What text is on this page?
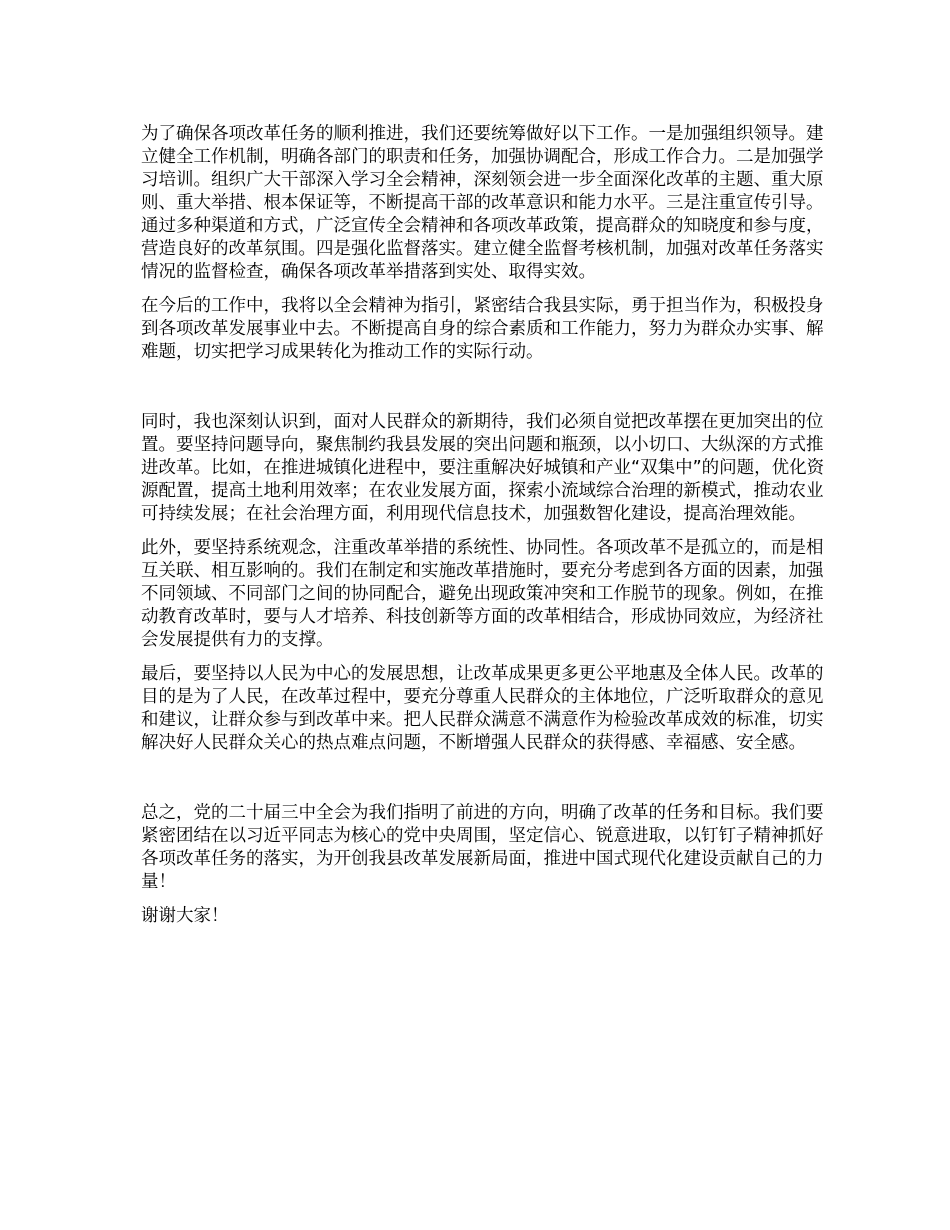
为了确保各项改革任务的顺利推进，我们还要统筹做好以下工作。一是加强组织领导。建立健全工作机制，明确各部门的职责和任务，加强协调配合，形成工作合力。二是加强学习培训。组织广大干部深入学习全会精神，深刻领会进一步全面深化改革的主题、重大原则、重大举措、根本保证等，不断提高干部的改革意识和能力水平。三是注重宣传引导。通过多种渠道和方式，广泛宣传全会精神和各项改革政策，提高群众的知晓度和参与度，营造良好的改革氛围。四是强化监督落实。建立健全监督考核机制，加强对改革任务落实情况的监督检查，确保各项改革举措落到实处、取得实效。

在今后的工作中，我将以全会精神为指引，紧密结合我县实际，勇于担当作为，积极投身到各项改革发展事业中去。不断提高自身的综合素质和工作能力，努力为群众办实事、解难题，切实把学习成果转化为推动工作的实际行动。

同时，我也深刻认识到，面对人民群众的新期待，我们必须自觉把改革摆在更加突出的位置。要坚持问题导向，聚焦制约我县发展的突出问题和瓶颈，以小切口、大纵深的方式推进改革。比如，在推进城镇化进程中，要注重解决好城镇和产业“双集中”的问题，优化资源配置，提高土地利用效率；在农业发展方面，探索小流域综合治理的新模式，推动农业可持续发展；在社会治理方面，利用现代信息技术，加强数智化建设，提高治理效能。

此外，要坚持系统观念，注重改革举措的系统性、协同性。各项改革不是孤立的，而是相互关联、相互影响的。我们在制定和实施改革措施时，要充分考虑到各方面的因素，加强不同领域、不同部门之间的协同配合，避免出现政策冲突和工作脱节的现象。例如，在推动教育改革时，要与人才培养、科技创新等方面的改革相结合，形成协同效应，为经济社会发展提供有力的支撑。

最后，要坚持以人民为中心的发展思想，让改革成果更多更公平地惠及全体人民。改革的目的是为了人民，在改革过程中，要充分尊重人民群众的主体地位，广泛听取群众的意见和建议，让群众参与到改革中来。把人民群众满意不满意作为检验改革成效的标准，切实解决好人民群众关心的热点难点问题，不断增强人民群众的获得感、幸福感、安全感。

总之，党的二十届三中全会为我们指明了前进的方向，明确了改革的任务和目标。我们要紧密团结在以习近平同志为核心的党中央周围，坚定信心、锐意进取，以钉钉子精神抓好各项改革任务的落实，为开创我县改革发展新局面，推进中国式现代化建设贡献自己的力量！

谢谢大家！
